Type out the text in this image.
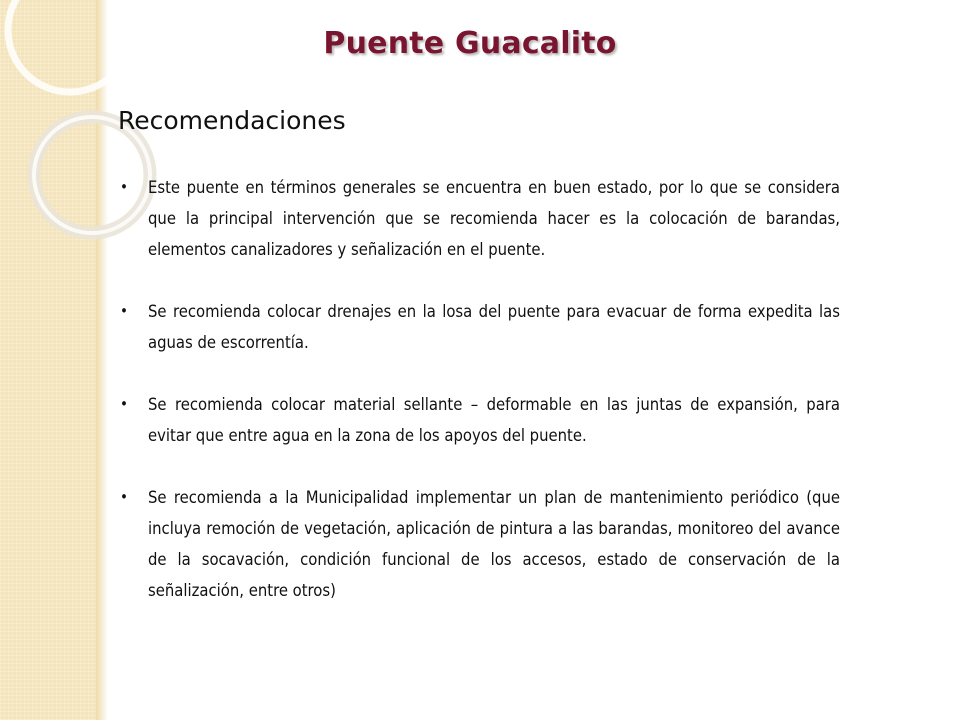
Puente Guacalito
Recomendaciones
• Este puente en términos generales se encuentra en buen estado, por lo que se considera que la principal intervención que se recomienda hacer es la colocación de barandas, elementos canalizadores y señalización en el puente.
• Se recomienda colocar drenajes en la losa del puente para evacuar de forma expedita las aguas de escorrentía.
• Se recomienda colocar material sellante – deformable en las juntas de expansión, para evitar que entre agua en la zona de los apoyos del puente.
• Se recomienda a la Municipalidad implementar un plan de mantenimiento periódico (que incluya remoción de vegetación, aplicación de pintura a las barandas, monitoreo del avance de la socavación, condición funcional de los accesos, estado de conservación de la señalización, entre otros)
